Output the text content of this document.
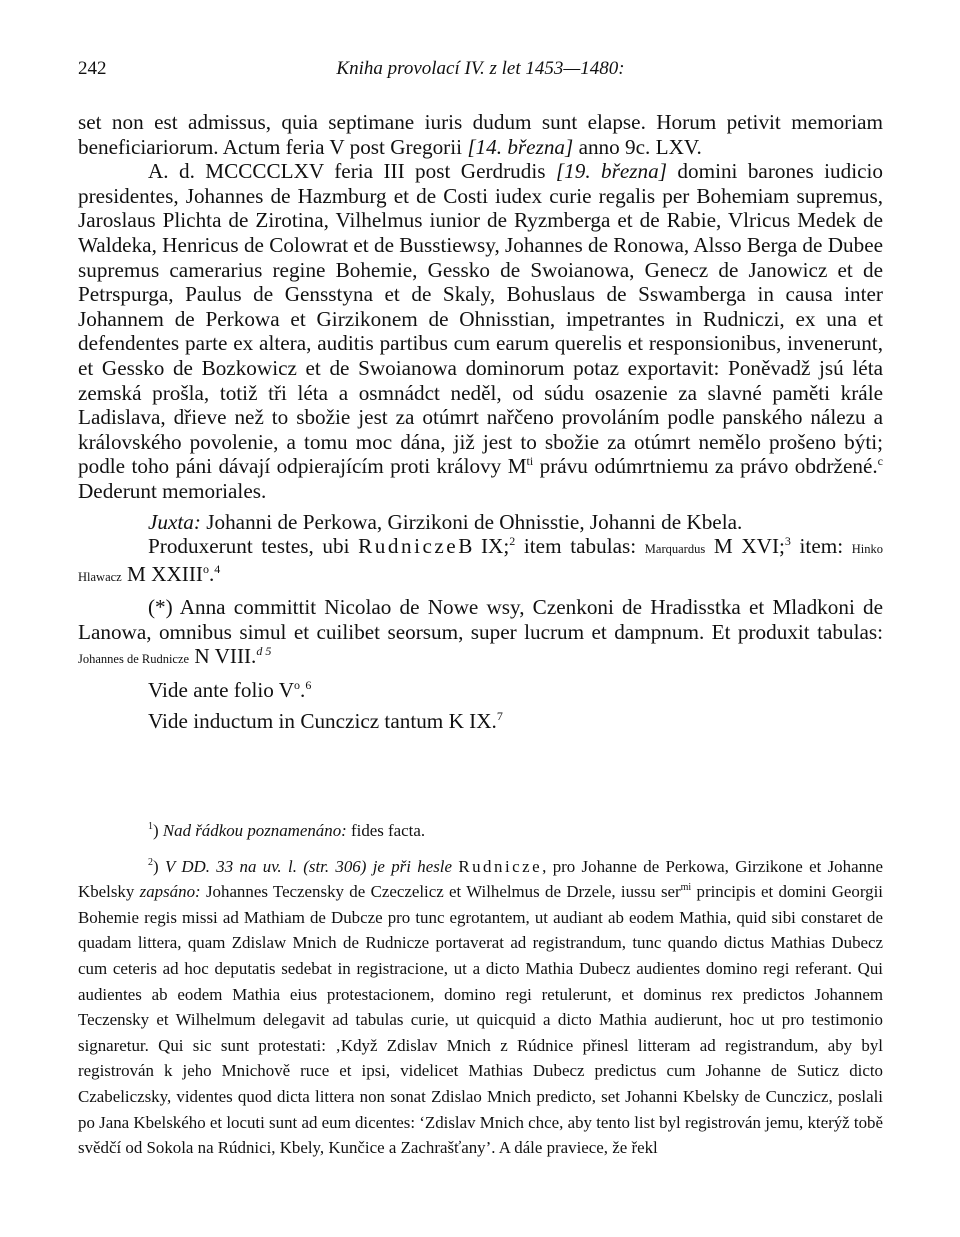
242	Kniha provolací IV. z let 1453—1480:

set non est admissus, quia septimane iuris dudum sunt elapse. Horum petivit memoriam beneficiariorum. Actum feria V post Gregorii [14. března] anno 9c. LXV.

A. d. MCCCCLXV feria III post Gerdrudis [19. března] domini barones iudicio presidentes, Johannes de Hazmburg et de Costi iudex curie regalis per Bohemiam supremus, Jaroslaus Plichta de Zirotina, Vilhelmus iunior de Ryzmberga et de Rabie, Vlricus Medek de Waldeka, Henricus de Colowrat et de Busstiewsy, Johannes de Ronowa, Alsso Berga de Dubee supremus camerarius regine Bohemie, Gessko de Swoianowa, Genecz de Janowicz et de Petrspurga, Paulus de Gensstyna et de Skaly, Bohuslaus de Sswamberga in causa inter Johannem de Perkowa et Girzikonem de Ohnisstian, impetrantes in Rudniczi, ex una et defendentes parte ex altera, auditis partibus cum earum querelis et responsionibus, invenerunt, et Gessko de Bozkowicz et de Swoianowa dominorum potaz exportavit: Poněvadž jsú léta zemská prošla, totiž tři léta a osmnádct neděl, od súdu osazenie za slavné paměti krále Ladislava, dřieve než to sbožie jest za otúmrt nařčeno provoláním podle panského nálezu a královského povolenie, a tomu moc dána, již jest to sbožie za otúmrt nemělo prošeno býti; podle toho páni dávají odpierajícím proti královy $M^{ti}$ právu odúmrtniemu za právo obdržené.$^c$ Dederunt memoriales.

Juxta: Johanni de Perkowa, Girzikoni de Ohnisstie, Johanni de Kbela.

Produxerunt testes, ubi RudniczeB IX;$^2$ item tabulas: Marquardus M XVI;$^3$ item: Hinko Hlawacz M XXIII$^o$.$^4$

(*) Anna committit Nicolao de Nowe wsy, Czenkoni de Hradisstka et Mladkoni de Lanowa, omnibus simul et cuilibet seorsum, super lucrum et dampnum. Et produxit tabulas: Johannes de Rudnicze N VIII.$^{d 5}$

Vide ante folio $V^o.^6$

Vide inductum in Cunczicz tantum K IX.$^7$

$^1$) Nad řádkou poznamenáno: fides facta.

$^2$) V DD. 33 na uv. l. (str. 306) je při hesle Rudnicze, pro Johanne de Perkowa, Girzikone et Johanne Kbelsky zapsáno: Johannes Teczensky de Czeczelicz et Wilhelmus de Drzele, iussu ser$^{mi}$ principis et domini Georgii Bohemie regis missi ad Mathiam de Dubcze pro tunc egrotantem, ut audiant ab eodem Mathia, quid sibi constaret de quadam littera, quam Zdislaw Mnich de Rudnicze portaverat ad registrandum, tunc quando dictus Mathias Dubecz cum ceteris ad hoc deputatis sedebat in registracione, ut a dicto Mathia Dubecz audientes domino regi referant. Qui audientes ab eodem Mathia eius protestacionem, domino regi retulerunt, et dominus rex predictos Johannem Teczensky et Wilhelmum delegavit ad tabulas curie, ut quicquid a dicto Mathia audierunt, hoc ut pro testimonio signaretur. Qui sic sunt protestati: ‚Když Zdislav Mnich z Rúdnice přinesl litteram ad registrandum, aby byl registrován k jeho Mnichově ruce et ipsi, videlicet Mathias Dubecz predictus cum Johanne de Suticz dicto Czabeliczsky, videntes quod dicta littera non sonat Zdislao Mnich predicto, set Johanni Kbelsky de Cunczicz, poslali po Jana Kbelského et locuti sunt ad eum dicentes: ‘Zdislav Mnich chce, aby tento list byl registrován jemu, kterýž tobě svědčí od Sokola na Rúdnici, Kbely, Kunčice a Zachrašťany’. A dále praviece, že řekl
